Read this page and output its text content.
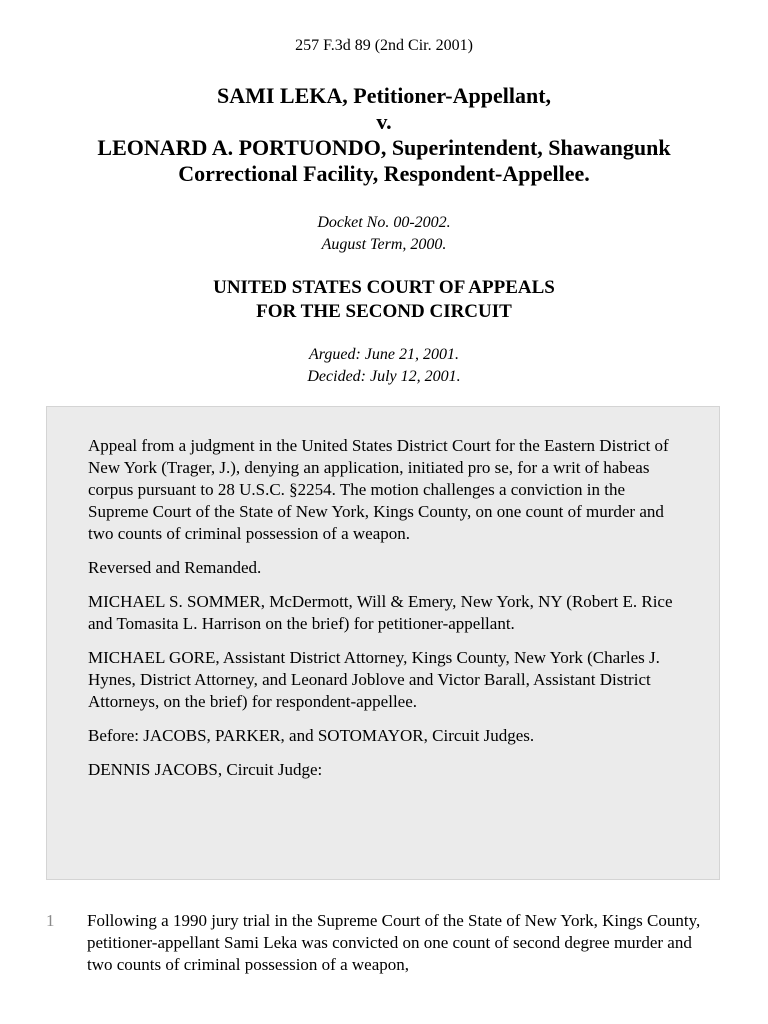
257 F.3d 89 (2nd Cir. 2001)
SAMI LEKA, Petitioner-Appellant,
v.
LEONARD A. PORTUONDO, Superintendent, Shawangunk
Correctional Facility, Respondent-Appellee.
Docket No. 00-2002.
August Term, 2000.
UNITED STATES COURT OF APPEALS
FOR THE SECOND CIRCUIT
Argued: June 21, 2001.
Decided: July 12, 2001.

Appeal from a judgment in the United States District Court for the Eastern District of New York (Trager, J.), denying an application, initiated pro se, for a writ of habeas corpus pursuant to 28 U.S.C. §2254. The motion challenges a conviction in the Supreme Court of the State of New York, Kings County, on one count of murder and two counts of criminal possession of a weapon.

Reversed and Remanded.

MICHAEL S. SOMMER, McDermott, Will & Emery, New York, NY (Robert E. Rice and Tomasita L. Harrison on the brief) for petitioner-appellant.

MICHAEL GORE, Assistant District Attorney, Kings County, New York (Charles J. Hynes, District Attorney, and Leonard Joblove and Victor Barall, Assistant District Attorneys, on the brief) for respondent-appellee.

Before: JACOBS, PARKER, and SOTOMAYOR, Circuit Judges.

DENNIS JACOBS, Circuit Judge:

1 Following a 1990 jury trial in the Supreme Court of the State of New York, Kings County, petitioner-appellant Sami Leka was convicted on one count of second degree murder and two counts of criminal possession of a weapon,
